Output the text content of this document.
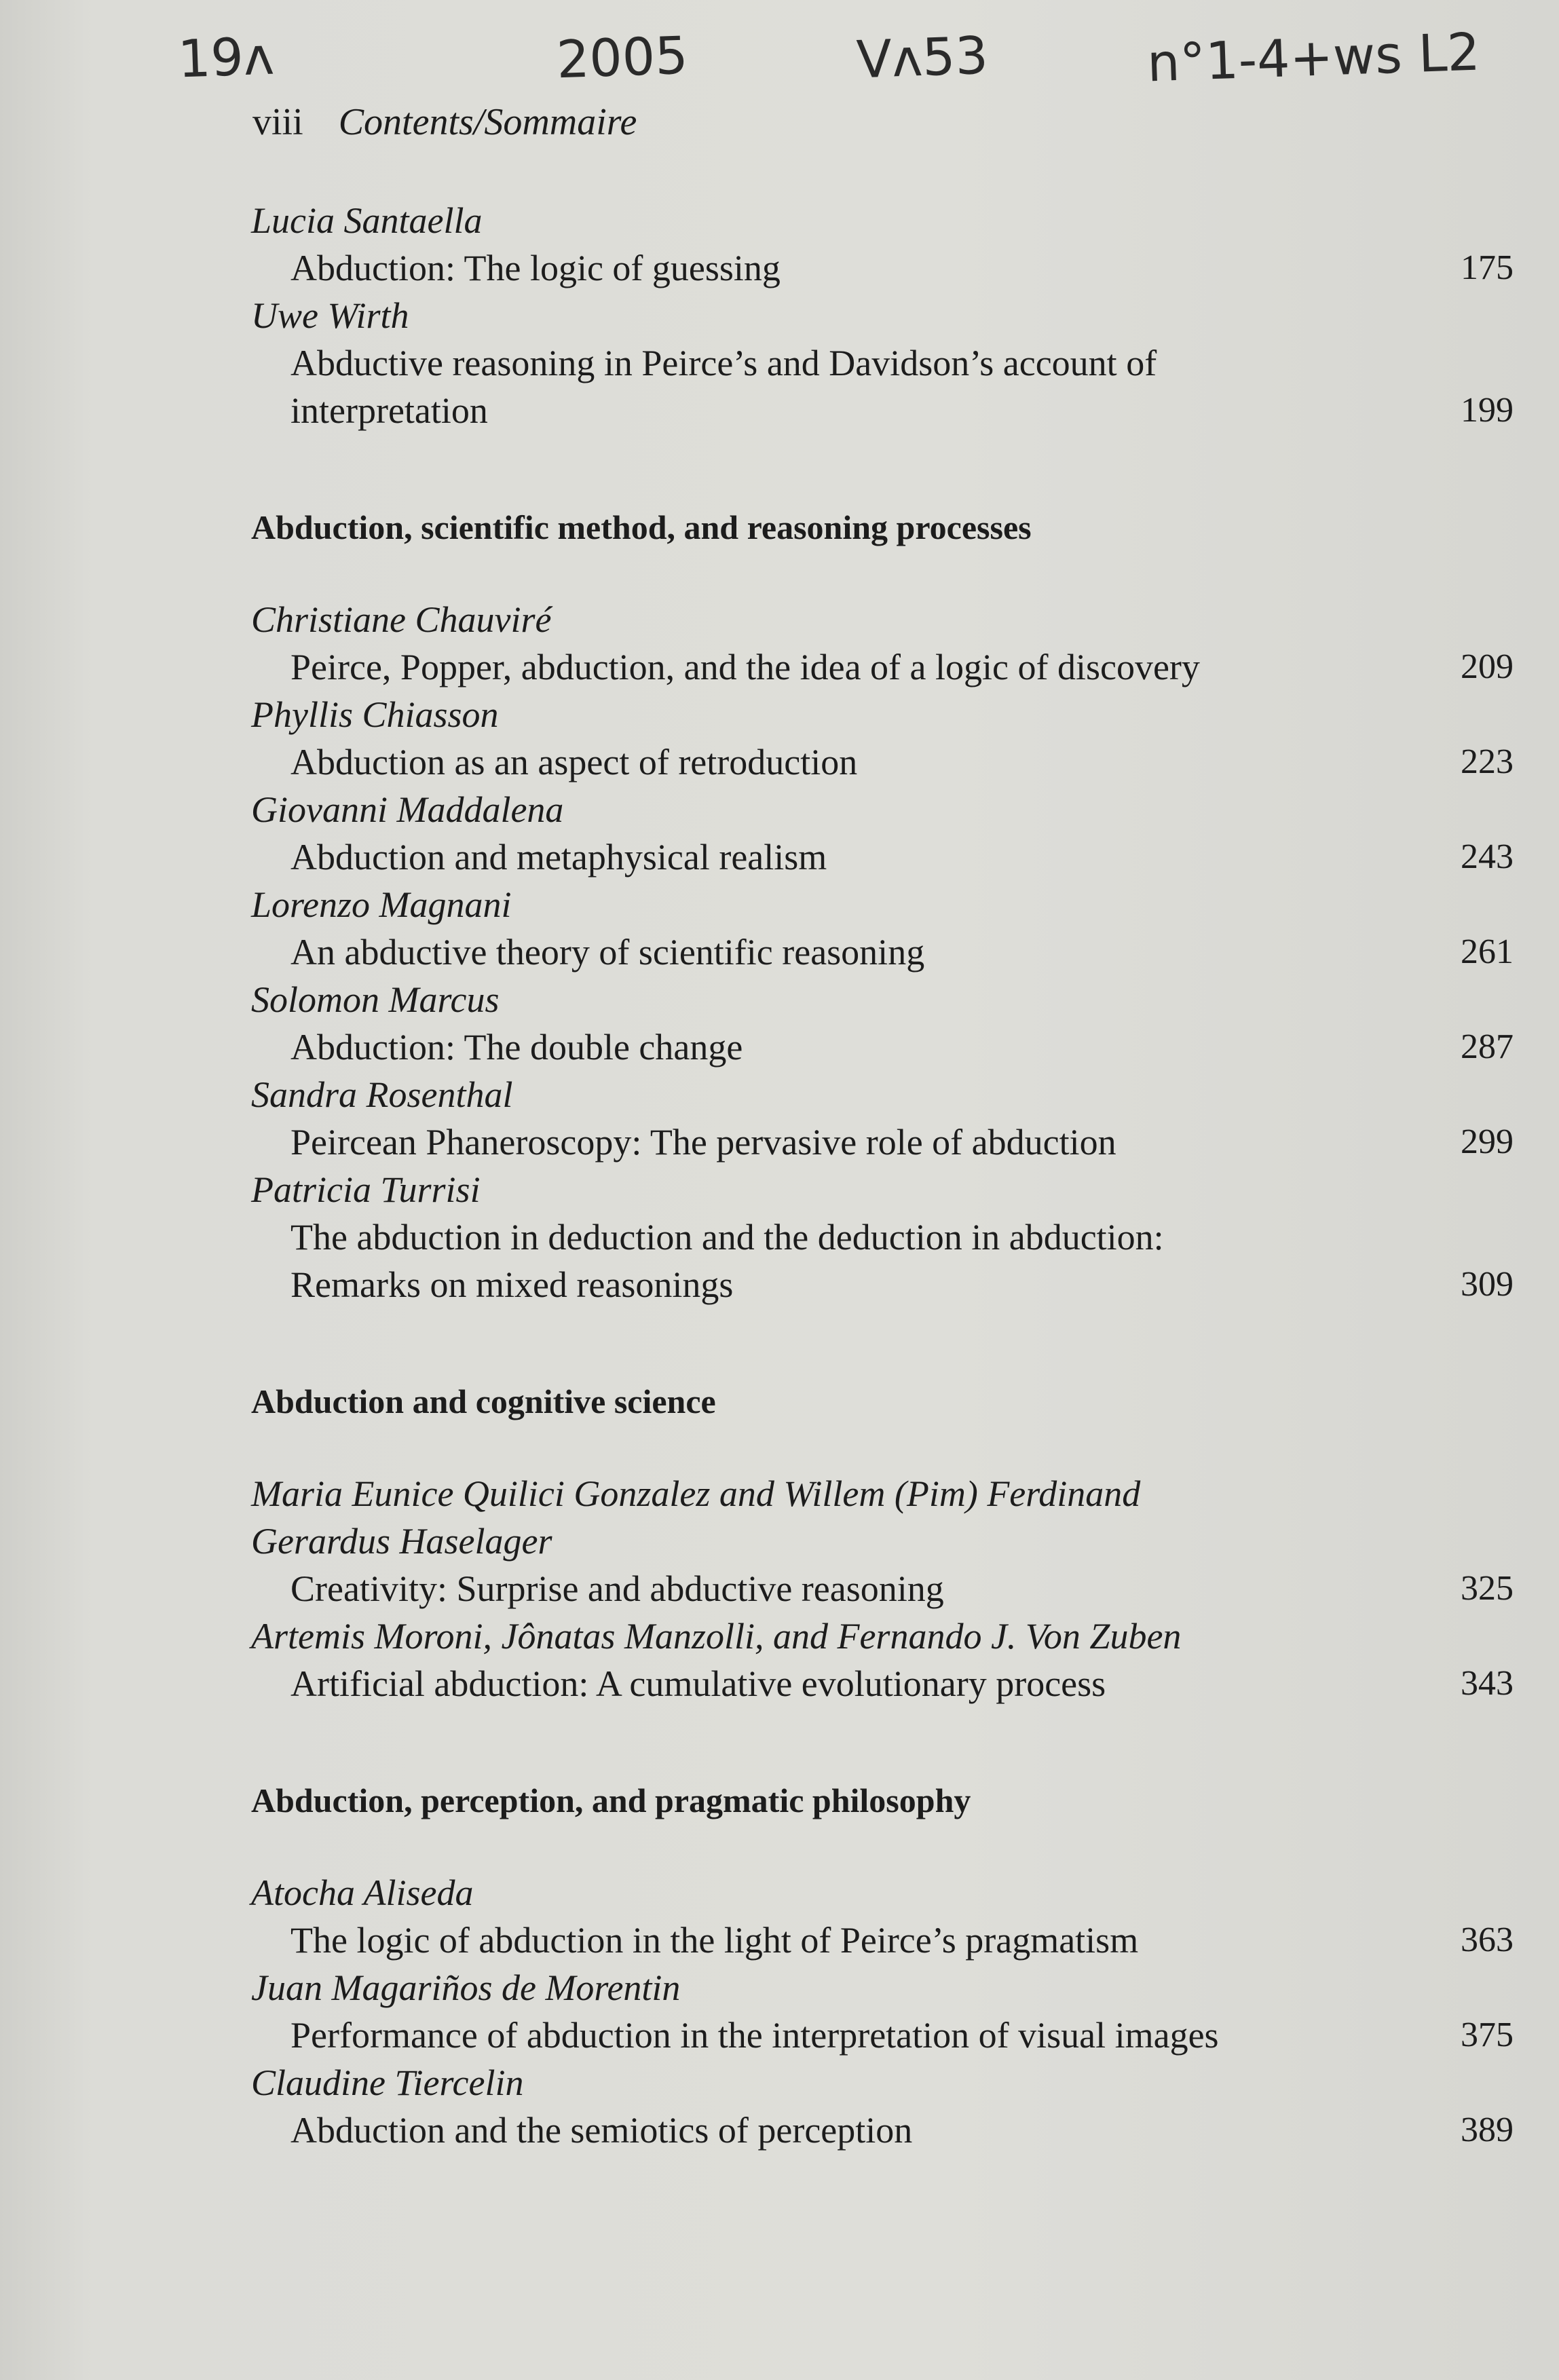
19ʌ	2005	Vʌ53	n°1-4+ws L2
viii Contents/Sommaire
Lucia Santaella
Abduction: The logic of guessing	175
Uwe Wirth
Abductive reasoning in Peirce’s and Davidson’s account of
interpretation	199
Abduction, scientific method, and reasoning processes
Christiane Chauviré
Peirce, Popper, abduction, and the idea of a logic of discovery	209
Phyllis Chiasson
Abduction as an aspect of retroduction	223
Giovanni Maddalena
Abduction and metaphysical realism	243
Lorenzo Magnani
An abductive theory of scientific reasoning	261
Solomon Marcus
Abduction: The double change	287
Sandra Rosenthal
Peircean Phaneroscopy: The pervasive role of abduction	299
Patricia Turrisi
The abduction in deduction and the deduction in abduction:
Remarks on mixed reasonings	309
Abduction and cognitive science
Maria Eunice Quilici Gonzalez and Willem (Pim) Ferdinand
Gerardus Haselager
Creativity: Surprise and abductive reasoning	325
Artemis Moroni, Jônatas Manzolli, and Fernando J. Von Zuben
Artificial abduction: A cumulative evolutionary process	343
Abduction, perception, and pragmatic philosophy
Atocha Aliseda
The logic of abduction in the light of Peirce’s pragmatism	363
Juan Magariños de Morentin
Performance of abduction in the interpretation of visual images	375
Claudine Tiercelin
Abduction and the semiotics of perception	389
